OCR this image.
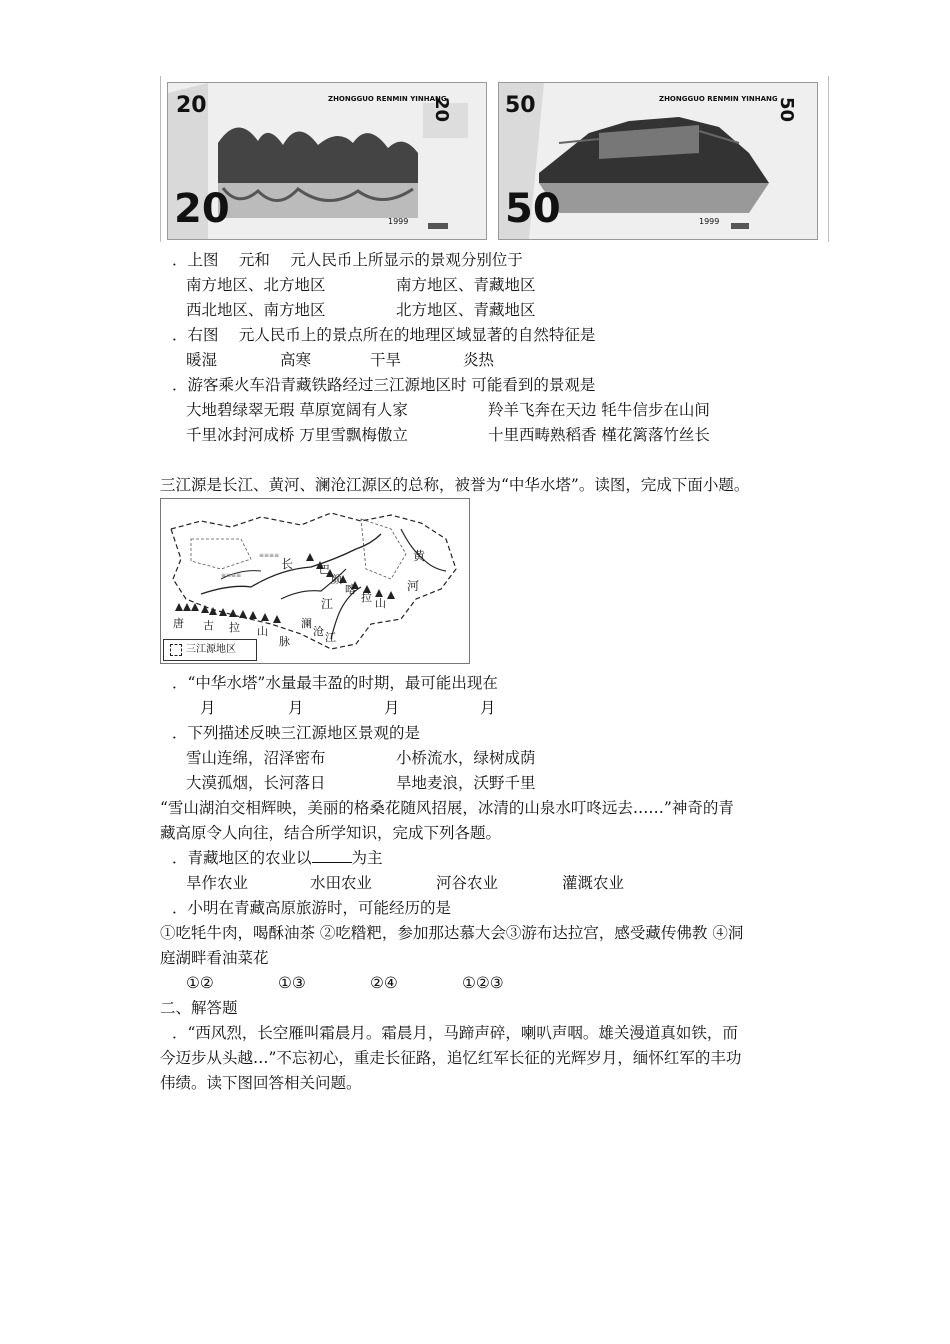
20
20
ZHONGGUO RENMIN YINHANG
20
1999
50
50
ZHONGGUO RENMIN YINHANG
50
1999
．上图　 元和　 元人民币上所显示的景观分别位于
南方地区、北方地区	南方地区、青藏地区
西北地区、南方地区	北方地区、青藏地区
．右图　 元人民币上的景点所在的地理区域显著的自然特征是
暖湿	高寒	干旱	炎热
．游客乘火车沿青藏铁路经过三江源地区时 可能看到的景观是
大地碧绿翠无瑕 草原宽阔有人家	羚羊飞奔在天边 牦牛信步在山间
千里冰封河成桥 万里雪飘梅傲立	十里西畴熟稻香 槿花篱落竹丝长
三江源是长江、黄河、澜沧江源区的总称，被誉为“中华水塔”。读图，完成下面小题。
≡≡≡≡
≡≡≡≡
长 巴
颜
喀
拉 山
黄
河
江
唐 古 拉 山
脉
澜
沧 江
三江源地区
．“中华水塔”水量最丰盈的时期，最可能出现在
月	月	月	月
．下列描述反映三江源地区景观的是
雪山连绵，沼泽密布	小桥流水，绿树成荫
大漠孤烟，长河落日	旱地麦浪，沃野千里
“雪山湖泊交相辉映，美丽的格桑花随风招展，冰清的山泉水叮咚远去……”神奇的青
藏高原令人向往，结合所学知识，完成下列各题。
．青藏地区的农业以	为主
旱作农业	水田农业	河谷农业	灌溉农业
．小明在青藏高原旅游时，可能经历的是
①吃牦牛肉，喝酥油茶 ②吃糌粑，参加那达慕大会③游布达拉宫，感受藏传佛教 ④洞
庭湖畔看油菜花
①②	①③	②④	①②③
二、解答题
．“西风烈，长空雁叫霜晨月。霜晨月，马蹄声碎，喇叭声咽。雄关漫道真如铁，而
今迈步从头越…”不忘初心，重走长征路，追忆红军长征的光辉岁月，缅怀红军的丰功
伟绩。读下图回答相关问题。
